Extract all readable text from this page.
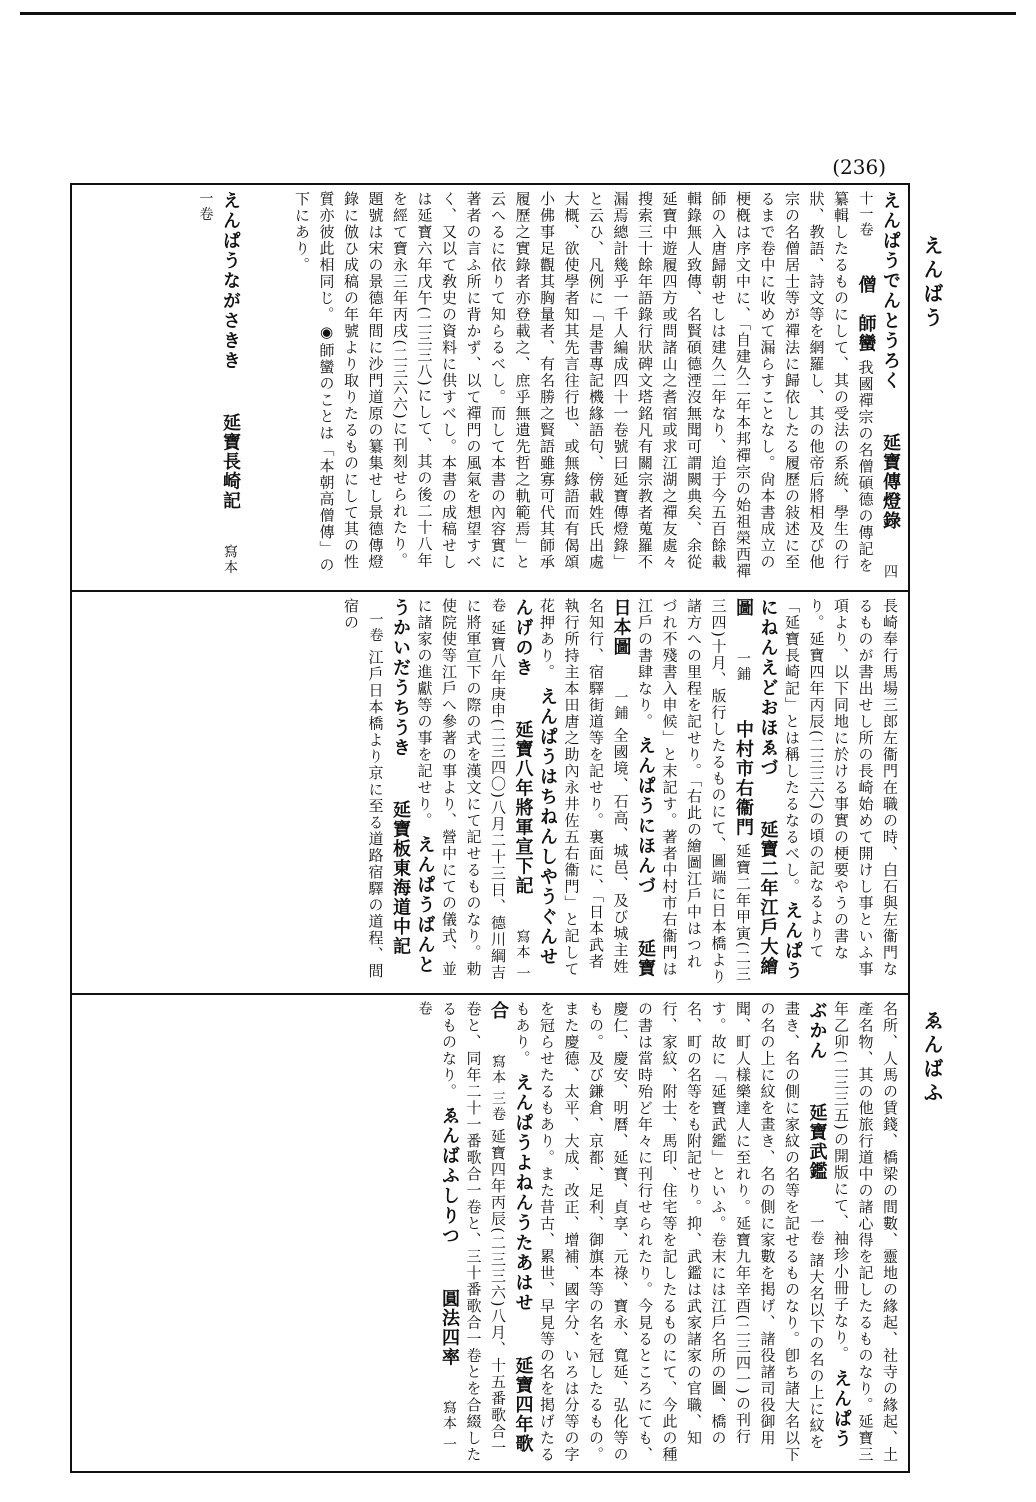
(236)
えんばう
ゑんばふ
えんぱうでんとうろく 延寶傳燈錄　四十一卷　僧　師蠻 我國禪宗の名僧碩德の傳記を纂輯したるものにして、其の受法の系統、學生の行狀、教語、詩文等を網羅し、其の他帝后將相及び他宗の名僧居士等が禪法に歸依したる履歷の敍述に至るまで卷中に收めて漏らすことなし。尙本書成立の梗槪は序文中に、「自建久二年本邦禪宗の始祖榮西禪師の入唐歸朝せしは建久二年なり、迨于今五百餘載輯錄無人致傳、名賢碩德湮沒無聞可謂闕典矣、余從延寶中遊履四方或問諸山之耆宿或求江湖之禪友處々搜索三十餘年語錄行狀碑文塔銘凡有關宗教者蒐羅不漏焉總計幾乎一千人編成四十一卷號曰延寶傳燈錄」と云ひ、凡例に「是書專記機緣語句、傍載姓氏出處大概、欲使學者知其先言往行也、或無緣語而有偈頌小佛事足觀其胸量者、有名勝之賢語雖寡可代其師承履歷之實錄者亦登載之、庶乎無遺先哲之軌範焉」と云へるに依りて知らるべし。而して本書の內容實に著者の言ふ所に背かず、以て禪門の風氣を想望すべく、又以て敎史の資料に供すべし。本書の成稿せしは延寶六年戊午(二三三八)にして、其の後二十八年を經て寶永三年丙戌(二三六六)に刊刻せられたり。題號は宋の景德年間に沙門道原の纂集せし景德傳燈錄に倣ひ成稿の年號より取りたるものにして其の性質亦彼此相同じ。◉師蠻のことは「本朝高僧傳」の下にあり。
えんぱうながさきき 延寶長崎記　寫本 一卷
長崎奉行馬場三郎左衞門在職の時、白石與左衞門なるものが書出せし所の長崎始めて開けし事といふ事項より、以下同地に於ける事實の梗要やうの書なり。延寶四年丙辰(二三三六)の頃の記なるよりて「延寶長崎記」とは稱したるなるべし。 えんぱうにねんえどおほゑづ 延寶二年江戶大繪圖　一鋪　中村市右衞門 延寶二年甲寅(二三三四)十月、版行したるものにて、圖端に日本橋より諸方への里程を記せり。「右此の繪圖江戶中はつれづれ不殘書入申候」と末記す。著者中村市右衞門は江戶の書肆なり。 えんぱうにほんづ 延寶日本圖　一鋪 全國境、石高、城邑、及び城主姓名知行、宿驛街道等を記せり。裏面に、「日本武者執行所持主本田唐之助內永井佐五右衞門」と記して花押あり。 えんぱうはちねんしやうぐんせんげのき 延寶八年將軍宣下記　寫本 一卷 延寶八年庚申(二三四〇)八月二十三日、德川綱吉に將軍宣下の際の式を漢文にて記せるものなり。勅使院使等江戶へ參著の事より、營中にての儀式、並に諸家の進獻等の事を記せり。 えんぱうばんとうかいだうちうき 延寶板東海道中記　一卷 江戶日本橋より京に至る道路宿驛の道程、間宿の
名所、人馬の賃錢、橋梁の間數、靈地の緣起、社寺の緣起、土產名物、其の他旅行道中の諸心得を記したるものなり。延寶三年乙卯(二三三五)の開版にて、袖珍小冊子なり。 えんぱうぶかん 延寶武鑑　一卷 諸大名以下の名の上に紋を畫き、名の側に家紋の名等を記せるものなり。卽ち諸大名以下の名の上に紋を畫き、名の側に家數を掲げ、諸役諸司役御用聞、町人樣樂達人に至れり。延寶九年辛酉(二三四一)の刊行す。故に「延寶武鑑」といふ。卷末には江戶名所の圖、橋の名、町の名等をも附記せり。抑、武鑑は武家諸家の官職、知行、家紋、附士、馬印、住宅等を記したるものにて、今此の種の書は當時殆ど年々に刊行せられたり。今見るところにても、慶仁、慶安、明曆、延寶、貞享、元祿、寶永、寬延、弘化等のもの。及び鎌倉、京都、足利、御旗本等の名を冠したるもの。また慶德、太平、大成、改正、增補、國字分、いろは分等の字を冠らせたるもあり。また昔古、累世、早見等の名を掲げたるもあり。 えんぱうよねんうたあはせ 延寶四年歌合　寫本 三卷 延寶四年丙辰(二三三六)八月、十五番歌合一卷と、同年二十一番歌合一卷と、三十番歌合一卷とを合綴したるものなり。 ゑんばふしりつ 圓法四率　寫本 一卷
